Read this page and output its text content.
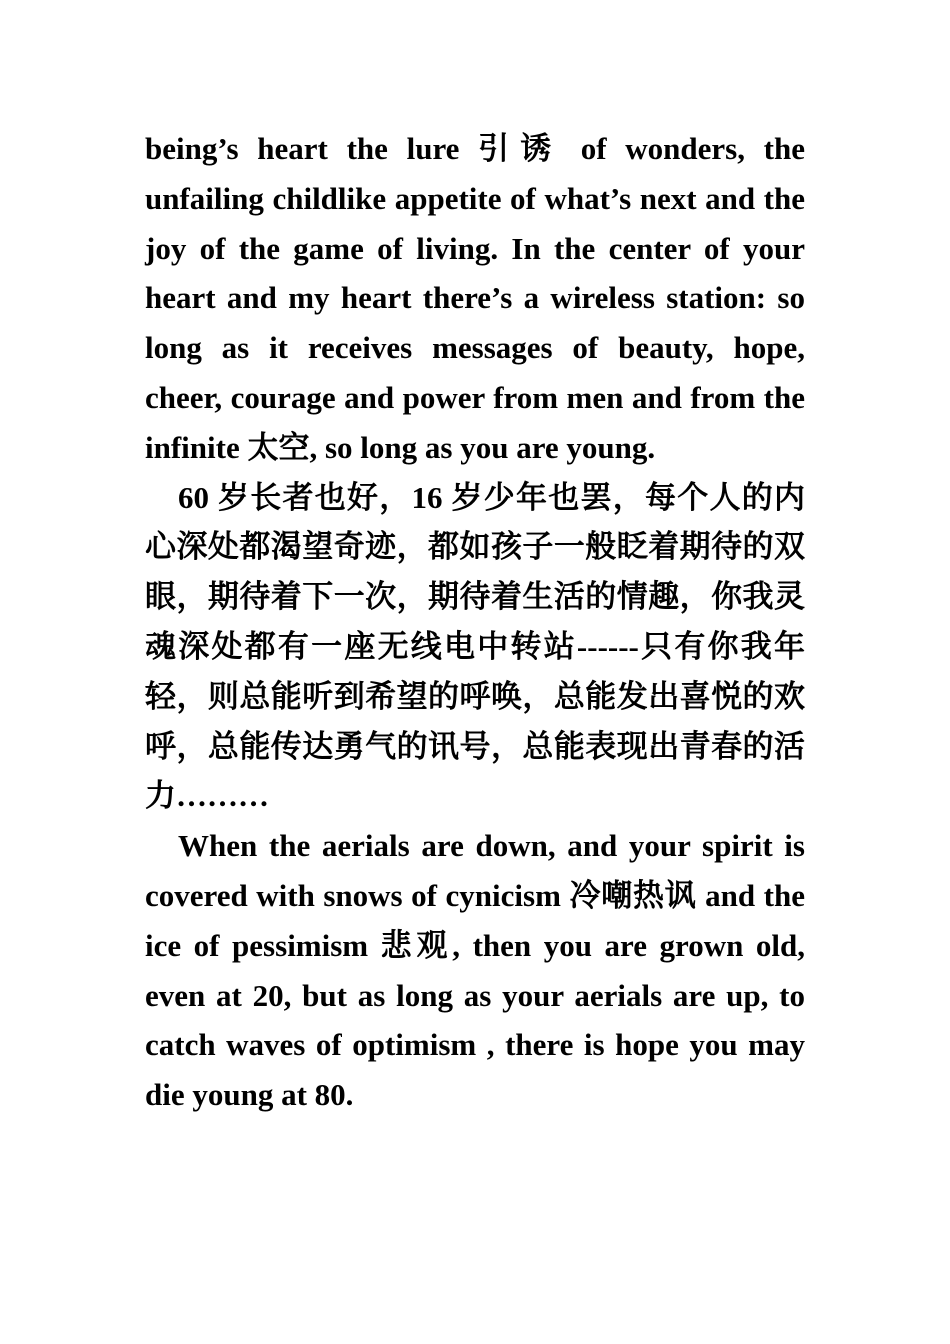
being’s heart the lure 引诱 of wonders, the unfailing childlike appetite of what’s next and the joy of the game of living. In the center of your heart and my heart there’s a wireless station: so long as it receives messages of beauty, hope, cheer, courage and power from men and from the infinite 太空, so long as you are young.

60 岁长者也好，16 岁少年也罢，每个人的内心深处都渴望奇迹，都如孩子一般眨着期待的双眼，期待着下一次，期待着生活的情趣，你我灵魂深处都有一座无线电中转站------只有你我年轻，则总能听到希望的呼唤，总能发出喜悦的欢呼，总能传达勇气的讯号，总能表现出青春的活力………

When the aerials are down, and your spirit is covered with snows of cynicism 冷嘲热讽 and the ice of pessimism 悲观, then you are grown old, even at 20, but as long as your aerials are up, to catch waves of optimism , there is hope you may die young at 80.
